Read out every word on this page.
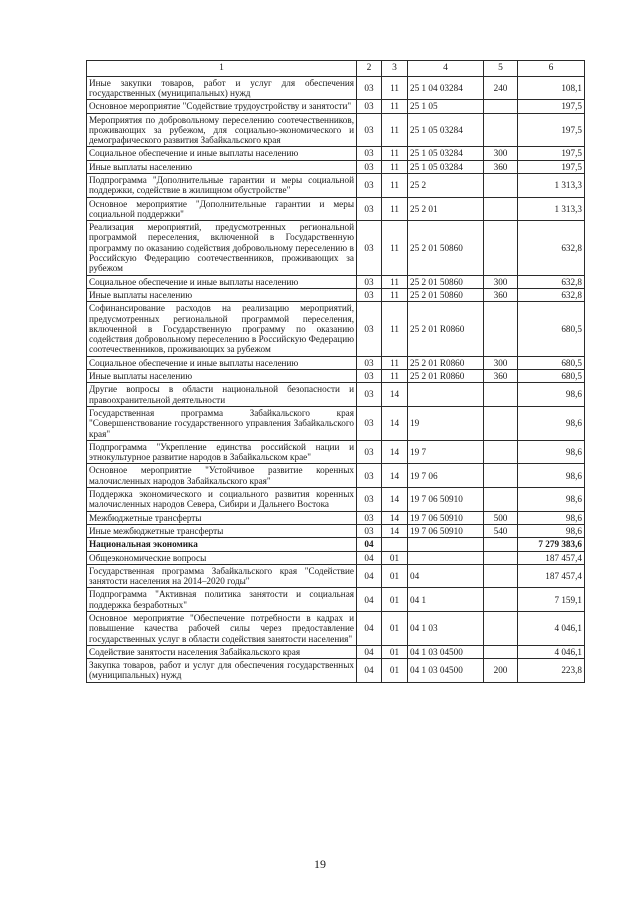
1	2	3	4	5	6
Иные закупки товаров, работ и услуг для обеспечения государственных (муниципальных) нужд	03	11	25 1 04 03284	240	108,1
Основное мероприятие "Содействие трудоустройству и занятости"	03	11	25 1 05		197,5
Мероприятия по добровольному переселению соотечественников, проживающих за рубежом, для социально-экономического и демографического развития Забайкальского края	03	11	25 1 05 03284		197,5
Социальное обеспечение и иные выплаты населению	03	11	25 1 05 03284	300	197,5
Иные выплаты населению	03	11	25 1 05 03284	360	197,5
Подпрограмма "Дополнительные гарантии и меры социальной поддержки, содействие в жилищном обустройстве"	03	11	25 2		1 313,3
Основное мероприятие "Дополнительные гарантии и меры социальной поддержки"	03	11	25 2 01		1 313,3
Реализация мероприятий, предусмотренных региональной программой переселения, включенной в Государственную программу по оказанию содействия добровольному переселению в Российскую Федерацию соотечественников, проживающих за рубежом	03	11	25 2 01 50860		632,8
Социальное обеспечение и иные выплаты населению	03	11	25 2 01 50860	300	632,8
Иные выплаты населению	03	11	25 2 01 50860	360	632,8
Софинансирование расходов на реализацию мероприятий, предусмотренных региональной программой переселения, включенной в Государственную программу по оказанию содействия добровольному переселению в Российскую Федерацию соотечественников, проживающих за рубежом	03	11	25 2 01 R0860		680,5
Социальное обеспечение и иные выплаты населению	03	11	25 2 01 R0860	300	680,5
Иные выплаты населению	03	11	25 2 01 R0860	360	680,5
Другие вопросы в области национальной безопасности и правоохранительной деятельности	03	14			98,6
Государственная программа Забайкальского края "Совершенствование государственного управления Забайкальского края"	03	14	19		98,6
Подпрограмма "Укрепление единства российской нации и этнокультурное развитие народов в Забайкальском крае"	03	14	19 7		98,6
Основное мероприятие "Устойчивое развитие коренных малочисленных народов Забайкальского края"	03	14	19 7 06		98,6
Поддержка экономического и социального развития коренных малочисленных народов Севера, Сибири и Дальнего Востока	03	14	19 7 06 50910		98,6
Межбюджетные трансферты	03	14	19 7 06 50910	500	98,6
Иные межбюджетные трансферты	03	14	19 7 06 50910	540	98,6
Национальная экономика	04				7 279 383,6
Общеэкономические вопросы	04	01			187 457,4
Государственная программа Забайкальского края "Содействие занятости населения на 2014–2020 годы"	04	01	04		187 457,4
Подпрограмма "Активная политика занятости и социальная поддержка безработных"	04	01	04 1		7 159,1
Основное мероприятие "Обеспечение потребности в кадрах и повышение качества рабочей силы через предоставление государственных услуг в области содействия занятости населения"	04	01	04 1 03		4 046,1
Содействие занятости населения Забайкальского края	04	01	04 1 03 04500		4 046,1
Закупка товаров, работ и услуг для обеспечения государственных (муниципальных) нужд	04	01	04 1 03 04500	200	223,8
19
